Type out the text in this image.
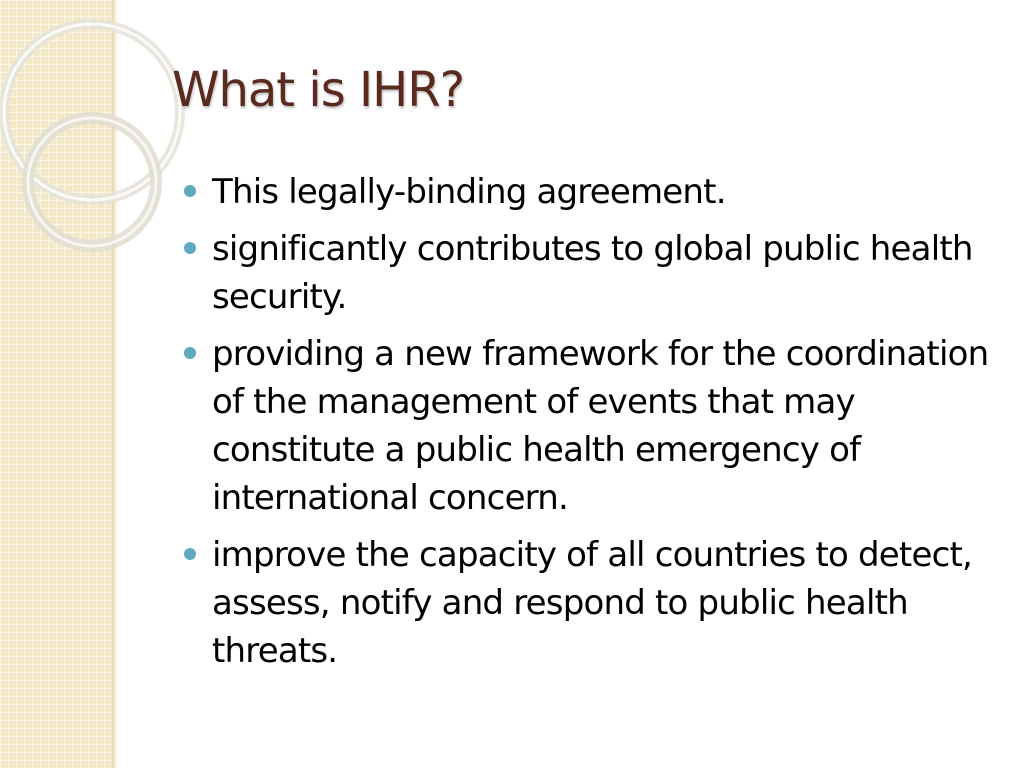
What is IHR?
This legally-binding agreement.
significantly contributes to global public health security.
providing a new framework for the coordination of the management of events that may constitute a public health emergency of international concern.
improve the capacity of all countries to detect, assess, notify and respond to public health threats.
